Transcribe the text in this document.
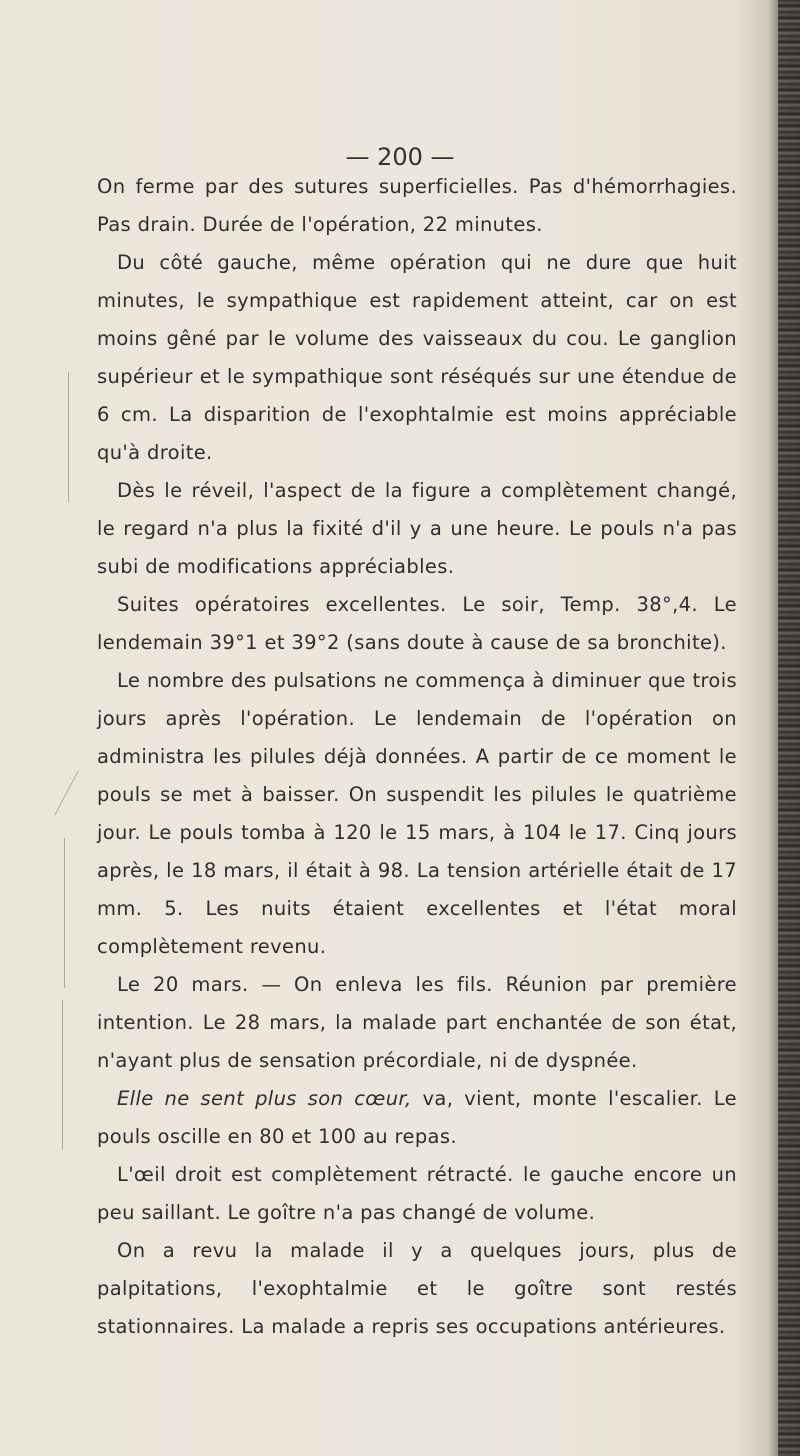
— 200 —

On ferme par des sutures superficielles. Pas d'hémorrhagies. Pas drain. Durée de l'opération, 22 minutes.

Du côté gauche, même opération qui ne dure que huit minutes, le sympathique est rapidement atteint, car on est moins gêné par le volume des vaisseaux du cou. Le ganglion supérieur et le sympathique sont réséqués sur une étendue de 6 cm. La disparition de l'exophtalmie est moins appréciable qu'à droite.

Dès le réveil, l'aspect de la figure a complètement changé, le regard n'a plus la fixité d'il y a une heure. Le pouls n'a pas subi de modifications appréciables.

Suites opératoires excellentes. Le soir, Temp. 38°,4. Le lendemain 39°1 et 39°2 (sans doute à cause de sa bronchite).

Le nombre des pulsations ne commença à diminuer que trois jours après l'opération. Le lendemain de l'opération on administra les pilules déjà données. A partir de ce moment le pouls se met à baisser. On suspendit les pilules le quatrième jour. Le pouls tomba à 120 le 15 mars, à 104 le 17. Cinq jours après, le 18 mars, il était à 98. La tension artérielle était de 17 mm. 5. Les nuits étaient excellentes et l'état moral complètement revenu.

Le 20 mars. — On enleva les fils. Réunion par première intention. Le 28 mars, la malade part enchantée de son état, n'ayant plus de sensation précordiale, ni de dyspnée.

Elle ne sent plus son cœur, va, vient, monte l'escalier. Le pouls oscille en 80 et 100 au repas.

L'œil droit est complètement rétracté. le gauche encore un peu saillant. Le goître n'a pas changé de volume.

On a revu la malade il y a quelques jours, plus de palpitations, l'exophtalmie et le goître sont restés stationnaires. La malade a repris ses occupations antérieures.
